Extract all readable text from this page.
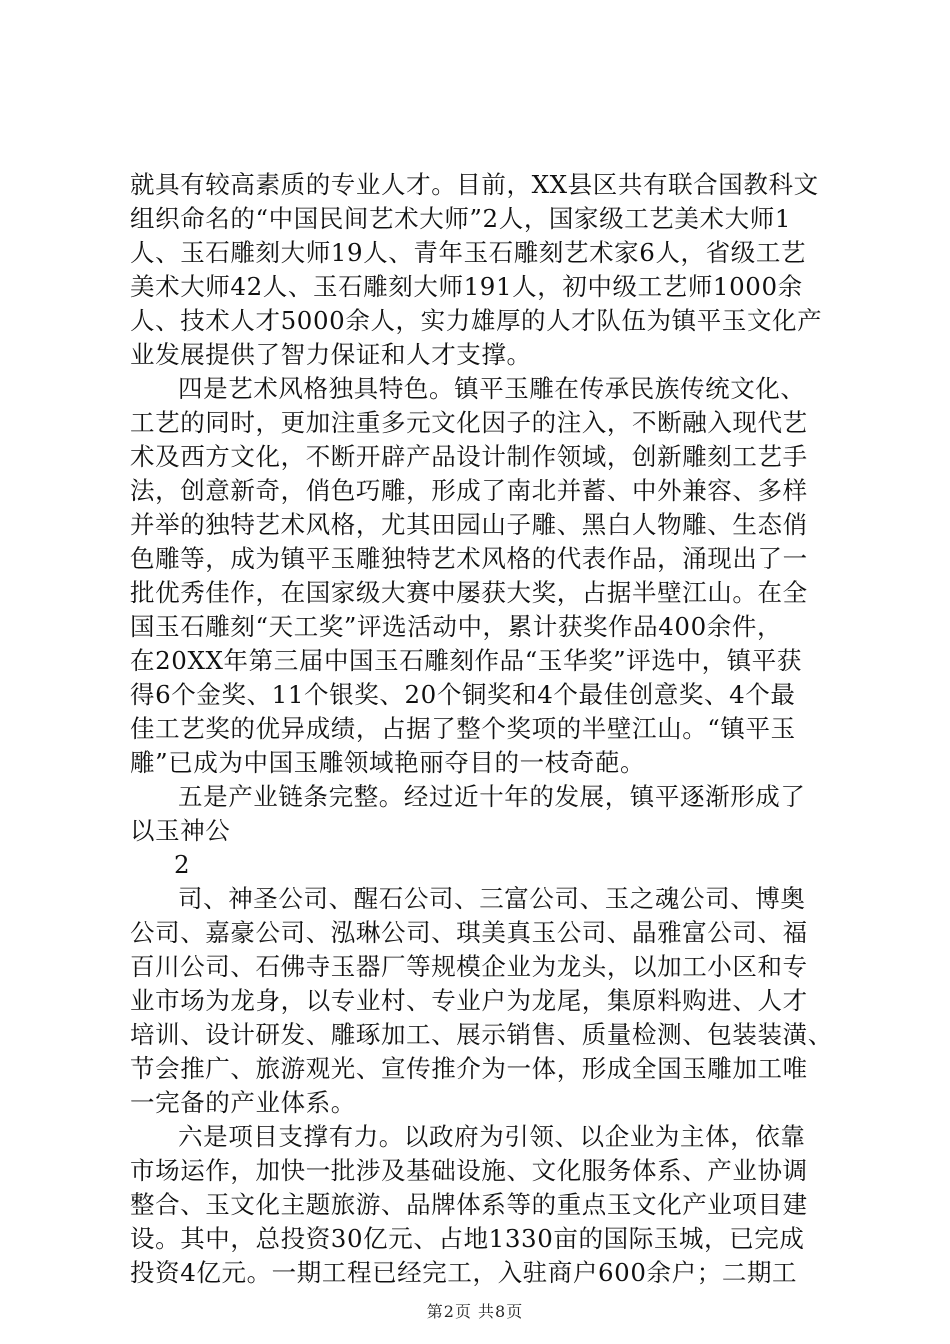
就具有较高素质的专业人才。目前，XX县区共有联合国教科文
组织命名的“中国民间艺术大师”2人，国家级工艺美术大师1
人、玉石雕刻大师19人、青年玉石雕刻艺术家6人，省级工艺
美术大师42人、玉石雕刻大师191人，初中级工艺师1000余
人、技术人才5000余人，实力雄厚的人才队伍为镇平玉文化产
业发展提供了智力保证和人才支撑。
四是艺术风格独具特色。镇平玉雕在传承民族传统文化、
工艺的同时，更加注重多元文化因子的注入，不断融入现代艺
术及西方文化，不断开辟产品设计制作领域，创新雕刻工艺手
法，创意新奇，俏色巧雕，形成了南北并蓄、中外兼容、多样
并举的独特艺术风格，尤其田园山子雕、黑白人物雕、生态俏
色雕等，成为镇平玉雕独特艺术风格的代表作品，涌现出了一
批优秀佳作，在国家级大赛中屡获大奖，占据半壁江山。在全
国玉石雕刻“天工奖”评选活动中，累计获奖作品400余件，
在20XX年第三届中国玉石雕刻作品“玉华奖”评选中，镇平获
得6个金奖、11个银奖、20个铜奖和4个最佳创意奖、4个最
佳工艺奖的优异成绩，占据了整个奖项的半壁江山。“镇平玉
雕”已成为中国玉雕领域艳丽夺目的一枝奇葩。
五是产业链条完整。经过近十年的发展，镇平逐渐形成了
以玉神公
2
司、神圣公司、醒石公司、三富公司、玉之魂公司、博奥
公司、嘉豪公司、泓琳公司、琪美真玉公司、晶雅富公司、福
百川公司、石佛寺玉器厂等规模企业为龙头，以加工小区和专
业市场为龙身，以专业村、专业户为龙尾，集原料购进、人才
培训、设计研发、雕琢加工、展示销售、质量检测、包装装潢、
节会推广、旅游观光、宣传推介为一体，形成全国玉雕加工唯
一完备的产业体系。
六是项目支撑有力。以政府为引领、以企业为主体，依靠
市场运作，加快一批涉及基础设施、文化服务体系、产业协调
整合、玉文化主题旅游、品牌体系等的重点玉文化产业项目建
设。其中，总投资30亿元、占地1330亩的国际玉城，已完成
投资4亿元。一期工程已经完工，入驻商户600余户；二期工
第2页 共8页
